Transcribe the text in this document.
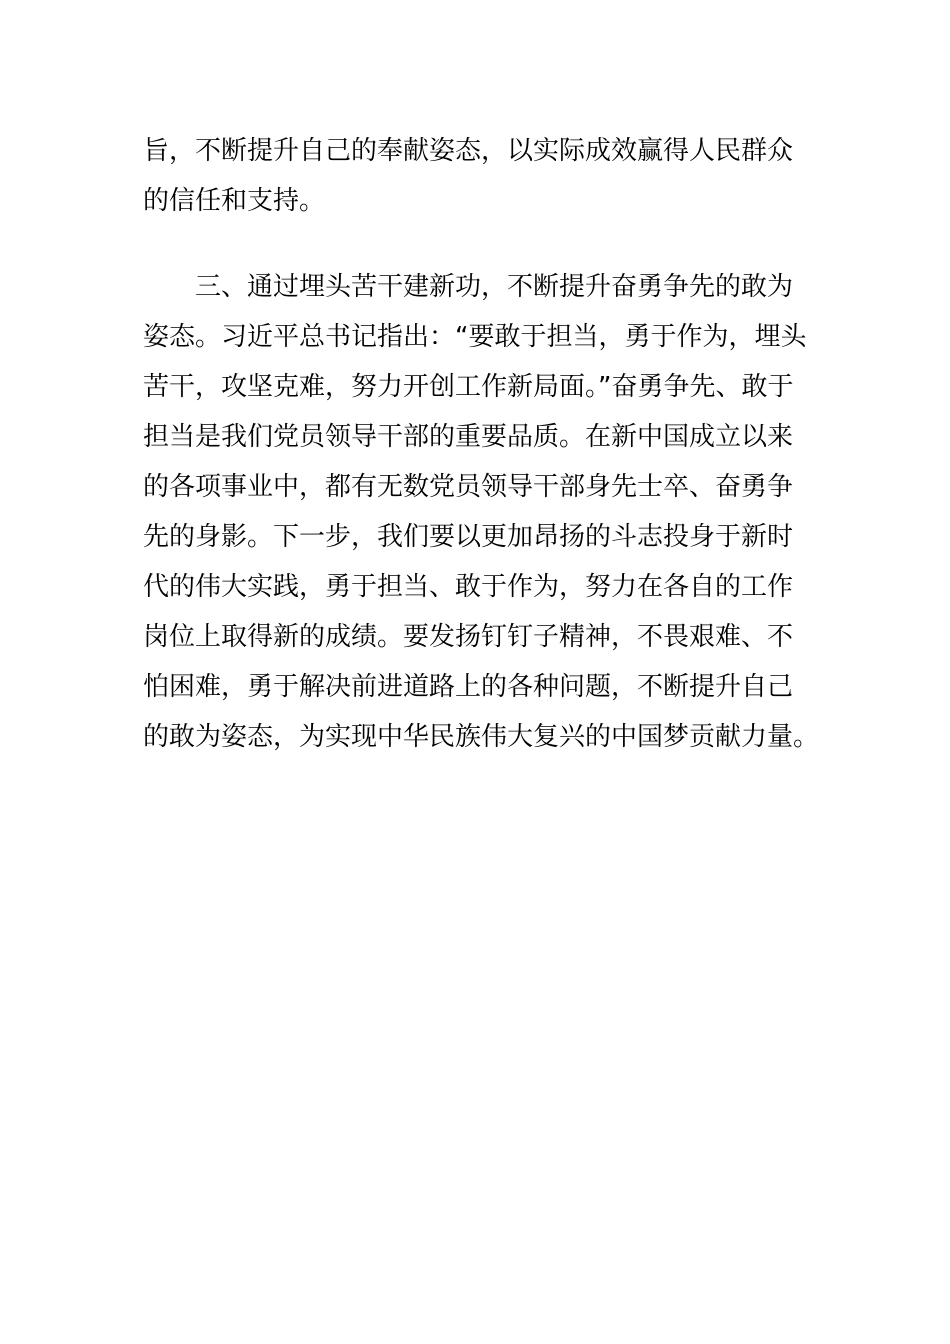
旨，不断提升自己的奉献姿态，以实际成效赢得人民群众
的信任和支持。
三、通过埋头苦干建新功，不断提升奋勇争先的敢为
姿态。习近平总书记指出：“要敢于担当，勇于作为，埋头
苦干，攻坚克难，努力开创工作新局面。”奋勇争先、敢于
担当是我们党员领导干部的重要品质。在新中国成立以来
的各项事业中，都有无数党员领导干部身先士卒、奋勇争
先的身影。下一步，我们要以更加昂扬的斗志投身于新时
代的伟大实践，勇于担当、敢于作为，努力在各自的工作
岗位上取得新的成绩。要发扬钉钉子精神，不畏艰难、不
怕困难，勇于解决前进道路上的各种问题，不断提升自己
的敢为姿态，为实现中华民族伟大复兴的中国梦贡献力量。
